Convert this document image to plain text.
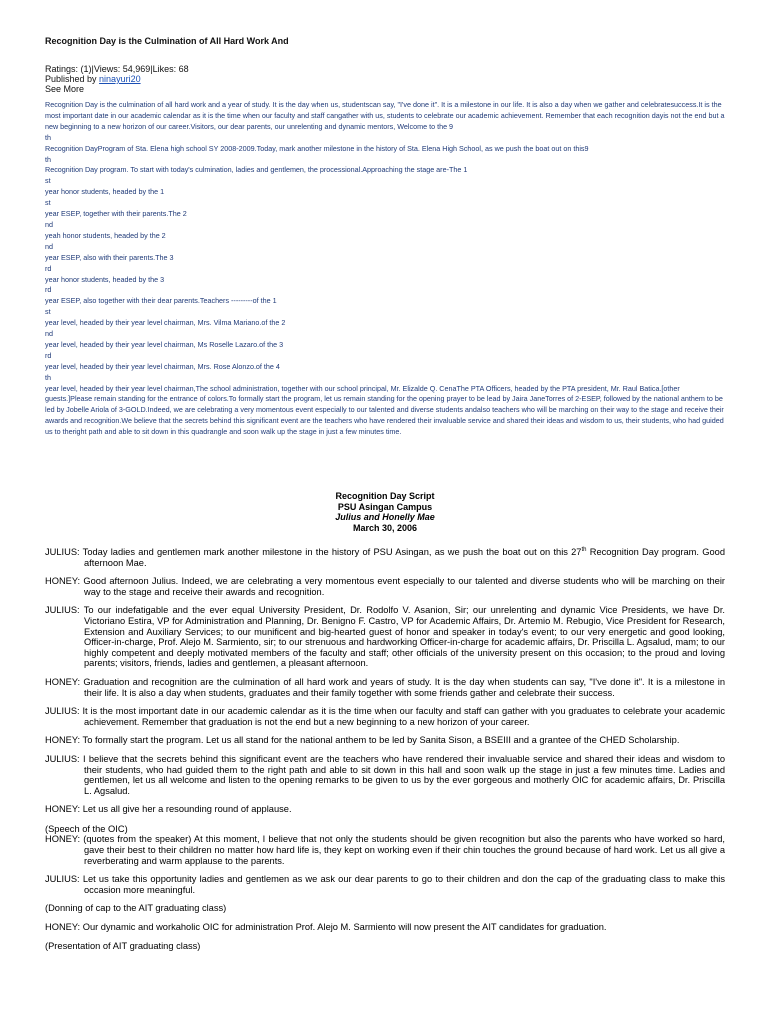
Recognition Day is the Culmination of All Hard Work And
Ratings: (1)|Views: 54,969|Likes: 68
Published by ninayuri20
See More
Recognition Day is the culmination of all hard work and a year of study. It is the day when us, studentscan say, "I've done it". It is a milestone in our life. It is also a day when we gather and celebratesuccess.It is the most important date in our academic calendar as it is the time when our faculty and staff cangather with us, students to celebrate our academic achievement. Remember that each recognition dayis not the end but a new beginning to a new horizon of our career.Visitors, our dear parents, our unrelenting and dynamic mentors, Welcome to the 9
th
Recognition DayProgram of Sta. Elena high school SY 2008-2009.Today, mark another milestone in the history of Sta. Elena High School, as we push the boat out on this9
th
Recognition Day program. To start with today's culmination, ladies and gentlemen, the processional.Approaching the stage are-The 1
st
year honor students, headed by the 1
st
year ESEP, together with their parents.The 2
nd
yeah honor students, headed by the 2
nd
year ESEP, also with their parents.The 3
rd
year honor students, headed by the 3
rd
year ESEP, also together with their dear parents.Teachers ---------of the 1
st
year level, headed by their year level chairman, Mrs. Vilma Mariano.of the 2
nd
year level, headed by their year level chairman, Ms Roselle Lazaro.of the 3
rd
year level, headed by their year level chairman, Mrs. Rose Alonzo.of the 4
th
year level, headed by their year level chairman,The school administration, together with our school principal, Mr. Elizalde Q. CenaThe PTA Officers, headed by the PTA president, Mr. Raul Batica.[other guests.]Please remain standing for the entrance of colors.To formally start the program, let us remain standing for the opening prayer to be lead by Jaira JaneTorres of 2-ESEP, followed by the national anthem to be led by Jobelle Ariola of 3-GOLD.Indeed, we are celebrating a very momentous event especially to our talented and diverse students andalso teachers who will be marching on their way to the stage and receive their awards and recognition.We believe that the secrets behind this significant event are the teachers who have rendered their invaluable service and shared their ideas and wisdom to us, their students, who had guided us to theright path and able to sit down in this quadrangle and soon walk up the stage in just a few minutes time.
Recognition Day Script
PSU Asingan Campus
Julius and Honelly Mae
March 30, 2006
JULIUS: Today ladies and gentlemen mark another milestone in the history of PSU Asingan, as we push the boat out on this 27th Recognition Day program. Good afternoon Mae.
HONEY: Good afternoon Julius. Indeed, we are celebrating a very momentous event especially to our talented and diverse students who will be marching on their way to the stage and receive their awards and recognition.
JULIUS: To our indefatigable and the ever equal University President, Dr. Rodolfo V. Asanion, Sir; our unrelenting and dynamic Vice Presidents, we have Dr. Victoriano Estira, VP for Administration and Planning, Dr. Benigno F. Castro, VP for Academic Affairs, Dr. Artemio M. Rebugio, Vice President for Research, Extension and Auxiliary Services; to our munificent and big-hearted guest of honor and speaker in today's event; to our very energetic and good looking, Officer-in-charge, Prof. Alejo M. Sarmiento, sir; to our strenuous and hardworking Officer-in-charge for academic affairs, Dr. Priscilla L. Agsalud, mam; to our highly competent and deeply motivated members of the faculty and staff; other officials of the university present on this occasion; to the proud and loving parents; visitors, friends, ladies and gentlemen, a pleasant afternoon.
HONEY: Graduation and recognition are the culmination of all hard work and years of study. It is the day when students can say, "I've done it". It is a milestone in their life. It is also a day when students, graduates and their family together with some friends gather and celebrate their success.
JULIUS: It is the most important date in our academic calendar as it is the time when our faculty and staff can gather with you graduates to celebrate your academic achievement. Remember that graduation is not the end but a new beginning to a new horizon of your career.
HONEY: To formally start the program. Let us all stand for the national anthem to be led by Sanita Sison, a BSEIII and a grantee of the CHED Scholarship.
JULIUS: I believe that the secrets behind this significant event are the teachers who have rendered their invaluable service and shared their ideas and wisdom to their students, who had guided them to the right path and able to sit down in this hall and soon walk up the stage in just a few minutes time. Ladies and gentlemen, let us all welcome and listen to the opening remarks to be given to us by the ever gorgeous and motherly OIC for academic affairs, Dr. Priscilla L. Agsalud.
HONEY: Let us all give her a resounding round of applause.
(Speech of the OIC)
HONEY: (quotes from the speaker) At this moment, I believe that not only the students should be given recognition but also the parents who have worked so hard, gave their best to their children no matter how hard life is, they kept on working even if their chin touches the ground because of hard work. Let us all give a reverberating and warm applause to the parents.
JULIUS: Let us take this opportunity ladies and gentlemen as we ask our dear parents to go to their children and don the cap of the graduating class to make this occasion more meaningful.
(Donning of cap to the AIT graduating class)
HONEY: Our dynamic and workaholic OIC for administration Prof. Alejo M. Sarmiento will now present the AIT candidates for graduation.
(Presentation of AIT graduating class)
